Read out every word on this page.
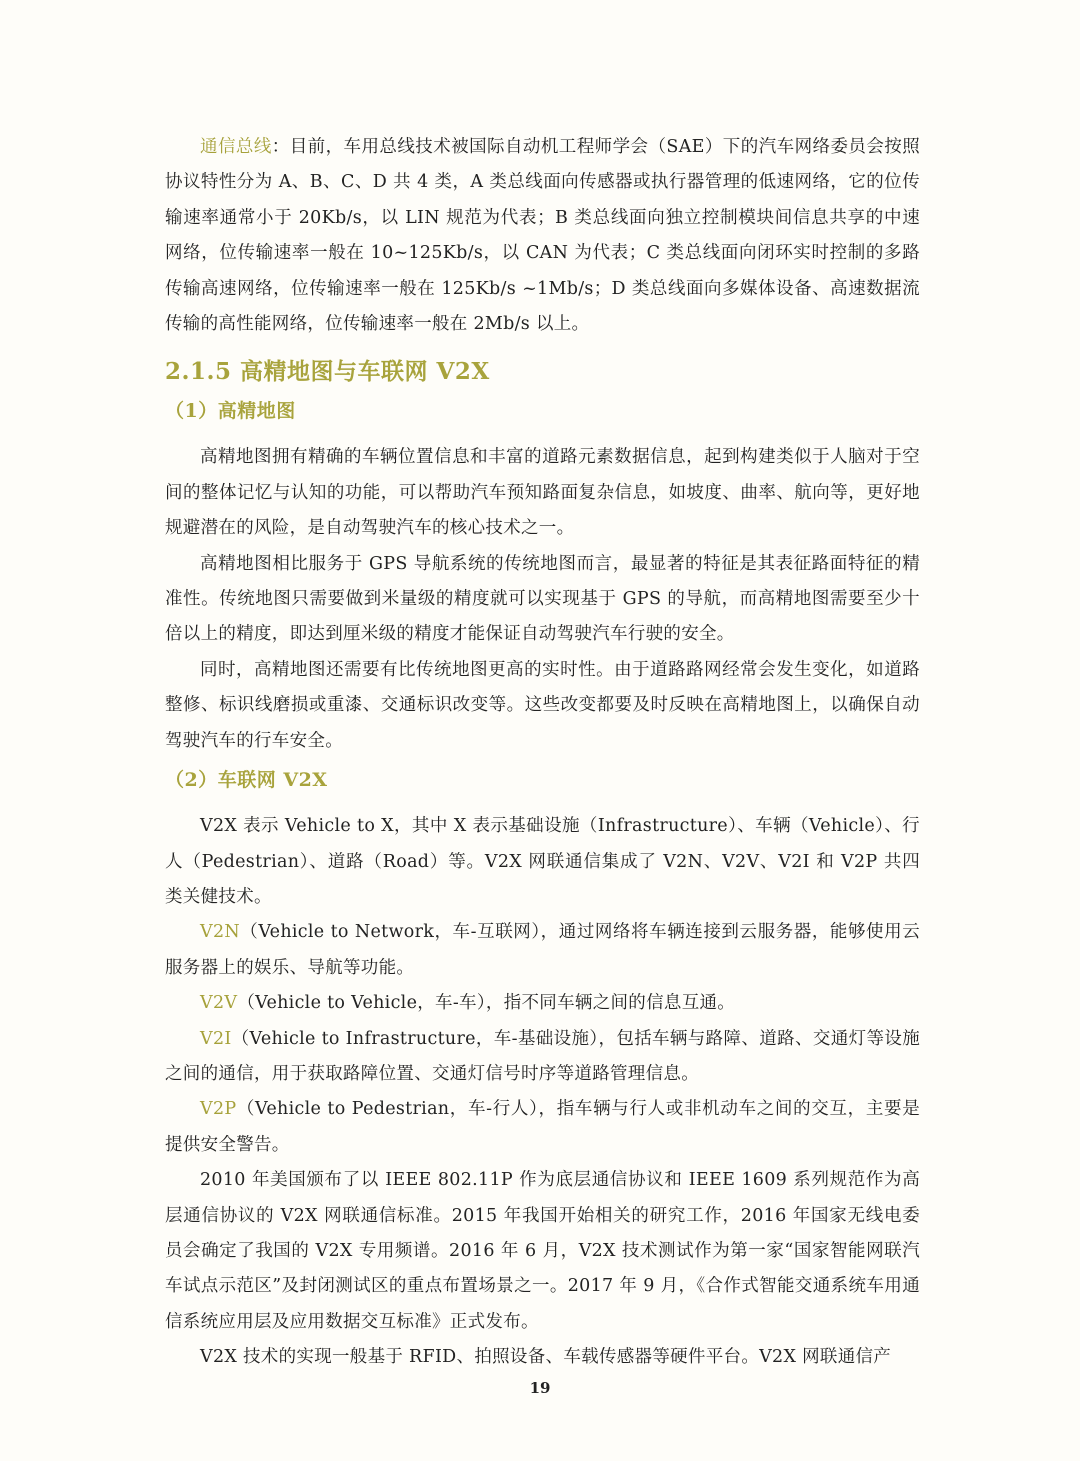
通信总线：目前，车用总线技术被国际自动机工程师学会（SAE）下的汽车网络委员会按照协议特性分为 A、B、C、D 共 4 类，A 类总线面向传感器或执行器管理的低速网络，它的位传输速率通常小于 20Kb/s，以 LIN 规范为代表；B 类总线面向独立控制模块间信息共享的中速网络，位传输速率一般在 10~125Kb/s，以 CAN 为代表；C 类总线面向闭环实时控制的多路传输高速网络，位传输速率一般在 125Kb/s ~1Mb/s；D 类总线面向多媒体设备、高速数据流传输的高性能网络，位传输速率一般在 2Mb/s 以上。

2.1.5 高精地图与车联网 V2X
（1）高精地图

高精地图拥有精确的车辆位置信息和丰富的道路元素数据信息，起到构建类似于人脑对于空间的整体记忆与认知的功能，可以帮助汽车预知路面复杂信息，如坡度、曲率、航向等，更好地规避潜在的风险，是自动驾驶汽车的核心技术之一。

高精地图相比服务于 GPS 导航系统的传统地图而言，最显著的特征是其表征路面特征的精准性。传统地图只需要做到米量级的精度就可以实现基于 GPS 的导航，而高精地图需要至少十倍以上的精度，即达到厘米级的精度才能保证自动驾驶汽车行驶的安全。

同时，高精地图还需要有比传统地图更高的实时性。由于道路路网经常会发生变化，如道路整修、标识线磨损或重漆、交通标识改变等。这些改变都要及时反映在高精地图上，以确保自动驾驶汽车的行车安全。

（2）车联网 V2X

V2X 表示 Vehicle to X，其中 X 表示基础设施（Infrastructure）、车辆（Vehicle）、行人（Pedestrian）、道路（Road）等。V2X 网联通信集成了 V2N、V2V、V2I 和 V2P 共四类关健技术。

V2N（Vehicle to Network，车-互联网），通过网络将车辆连接到云服务器，能够使用云服务器上的娱乐、导航等功能。

V2V（Vehicle to Vehicle，车-车），指不同车辆之间的信息互通。

V2I（Vehicle to Infrastructure，车-基础设施），包括车辆与路障、道路、交通灯等设施之间的通信，用于获取路障位置、交通灯信号时序等道路管理信息。

V2P（Vehicle to Pedestrian，车-行人），指车辆与行人或非机动车之间的交互，主要是提供安全警告。

2010 年美国颁布了以 IEEE 802.11P 作为底层通信协议和 IEEE 1609 系列规范作为高层通信协议的 V2X 网联通信标准。2015 年我国开始相关的研究工作，2016 年国家无线电委员会确定了我国的 V2X 专用频谱。2016 年 6 月，V2X 技术测试作为第一家“国家智能网联汽车试点示范区”及封闭测试区的重点布置场景之一。2017 年 9 月，《合作式智能交通系统车用通信系统应用层及应用数据交互标准》正式发布。

V2X 技术的实现一般基于 RFID、拍照设备、车载传感器等硬件平台。V2X 网联通信产

19
